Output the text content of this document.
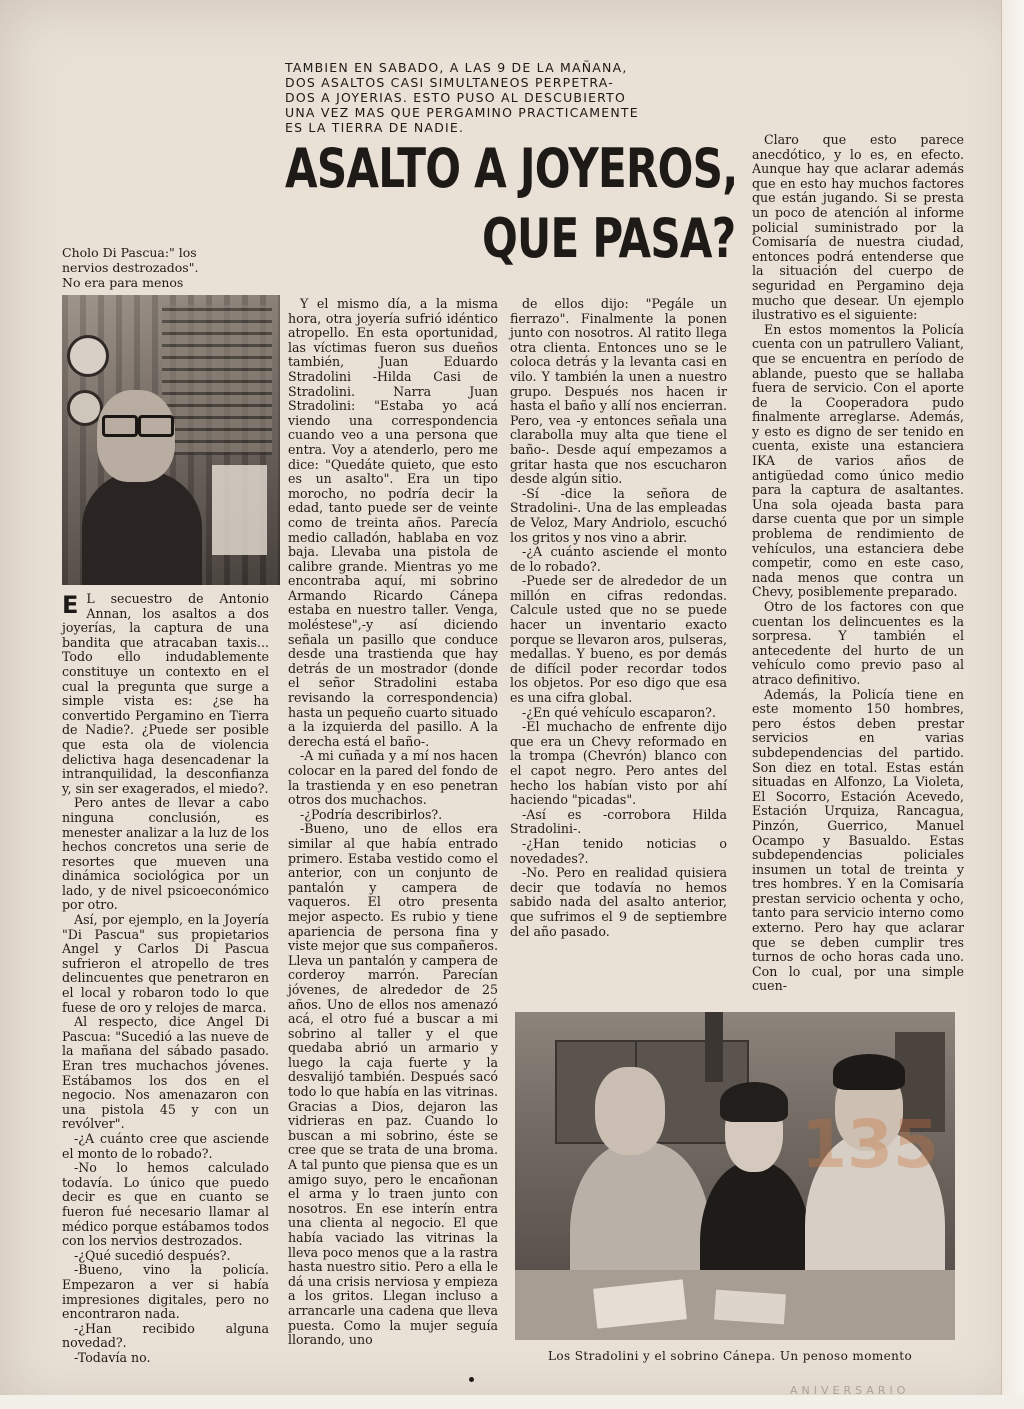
TAMBIEN EN SABADO, A LAS 9 DE LA MAÑANA,
DOS ASALTOS CASI SIMULTANEOS PERPETRA-
DOS A JOYERIAS. ESTO PUSO AL DESCUBIERTO
UNA VEZ MAS QUE PERGAMINO PRACTICAMENTE
ES LA TIERRA DE NADIE.
ASALTO A JOYEROS,
QUE PASA?
Cholo Di Pascua:" los
nervios destrozados".
No era para menos
135
ANIVERSARIO
Los Stradolini y el sobrino Cánepa. Un penoso momento

E L secuestro de Antonio Annan, los asaltos a dos joyerías, la captura de una bandita que atracaban taxis... Todo ello indudablemente constituye un contexto en el cual la pregunta que surge a simple vista es: ¿se ha convertido Pergamino en Tierra de Nadie?. ¿Puede ser posible que esta ola de violencia delictiva haga desencadenar la intranquilidad, la desconfianza y, sin ser exagerados, el miedo?.

Pero antes de llevar a cabo ninguna conclusión, es menester analizar a la luz de los hechos concretos una serie de resortes que mueven una dinámica sociológica por un lado, y de nivel psicoeconómico por otro.

Así, por ejemplo, en la Joyería "Di Pascua" sus propietarios Angel y Carlos Di Pascua sufrieron el atropello de tres delincuentes que penetraron en el local y robaron todo lo que fuese de oro y relojes de marca.

Al respecto, dice Angel Di Pascua: "Sucedió a las nueve de la mañana del sábado pasado. Eran tres muchachos jóvenes. Estábamos los dos en el negocio. Nos amenazaron con una pistola 45 y con un revólver".

-¿A cuánto cree que asciende el monto de lo robado?.

-No lo hemos calculado todavía. Lo único que puedo decir es que en cuanto se fueron fué necesario llamar al médico porque estábamos todos con los nervios destrozados.

-¿Qué sucedió después?.

-Bueno, vino la policía. Empezaron a ver si había impresiones digitales, pero no encontraron nada.

-¿Han recibido alguna novedad?.

-Todavía no.

Y el mismo día, a la misma hora, otra joyería sufrió idéntico atropello. En esta oportunidad, las víctimas fueron sus dueños también, Juan Eduardo Stradolini -Hilda Casi de Stradolini. Narra Juan Stradolini: "Estaba yo acá viendo una correspondencia cuando veo a una persona que entra. Voy a atenderlo, pero me dice: "Quedáte quieto, que esto es un asalto". Era un tipo morocho, no podría decir la edad, tanto puede ser de veinte como de treinta años. Parecía medio calladón, hablaba en voz baja. Llevaba una pistola de calibre grande. Mientras yo me encontraba aquí, mi sobrino Armando Ricardo Cánepa estaba en nuestro taller. Venga, moléstese",-y así diciendo señala un pasillo que conduce desde una trastienda que hay detrás de un mostrador (donde el señor Stradolini estaba revisando la correspondencia) hasta un pequeño cuarto situado a la izquierda del pasillo. A la derecha está el baño-.

-A mi cuñada y a mí nos hacen colocar en la pared del fondo de la trastienda y en eso penetran otros dos muchachos.

-¿Podría describirlos?.

-Bueno, uno de ellos era similar al que había entrado primero. Estaba vestido como el anterior, con un conjunto de pantalón y campera de vaqueros. El otro presenta mejor aspecto. Es rubio y tiene apariencia de persona fina y viste mejor que sus compañeros. Lleva un pantalón y campera de corderoy marrón. Parecían jóvenes, de alrededor de 25 años. Uno de ellos nos amenazó acá, el otro fué a buscar a mi sobrino al taller y el que quedaba abrió un armario y luego la caja fuerte y la desvalijó también. Después sacó todo lo que había en las vitrinas. Gracias a Dios, dejaron las vidrieras en paz. Cuando lo buscan a mi sobrino, éste se cree que se trata de una broma. A tal punto que piensa que es un amigo suyo, pero le encañonan el arma y lo traen junto con nosotros. En ese interín entra una clienta al negocio. El que había vaciado las vitrinas la lleva poco menos que a la rastra hasta nuestro sitio. Pero a ella le dá una crisis nerviosa y empieza a los gritos. Llegan incluso a arrancarle una cadena que lleva puesta. Como la mujer seguía llorando, uno

de ellos dijo: "Pegále un fierrazo". Finalmente la ponen junto con nosotros. Al ratito llega otra clienta. Entonces uno se le coloca detrás y la levanta casi en vilo. Y también la unen a nuestro grupo. Después nos hacen ir hasta el baño y allí nos encierran. Pero, vea -y entonces señala una clarabolla muy alta que tiene el baño-. Desde aquí empezamos a gritar hasta que nos escucharon desde algún sitio.

-Sí -dice la señora de Stradolini-. Una de las empleadas de Veloz, Mary Andriolo, escuchó los gritos y nos vino a abrir.

-¿A cuánto asciende el monto de lo robado?.

-Puede ser de alrededor de un millón en cifras redondas. Calcule usted que no se puede hacer un inventario exacto porque se llevaron aros, pulseras, medallas. Y bueno, es por demás de difícil poder recordar todos los objetos. Por eso digo que esa es una cifra global.

-¿En qué vehículo escaparon?.

-El muchacho de enfrente dijo que era un Chevy reformado en la trompa (Chevrón) blanco con el capot negro. Pero antes del hecho los habían visto por ahí haciendo "picadas".

-Así es -corrobora Hilda Stradolini-.

-¿Han tenido noticias o novedades?.

-No. Pero en realidad quisiera decir que todavía no hemos sabido nada del asalto anterior, que sufrimos el 9 de septiembre del año pasado.

Claro que esto parece anecdótico, y lo es, en efecto. Aunque hay que aclarar además que en esto hay muchos factores que están jugando. Si se presta un poco de atención al informe policial suministrado por la Comisaría de nuestra ciudad, entonces podrá entenderse que la situación del cuerpo de seguridad en Pergamino deja mucho que desear. Un ejemplo ilustrativo es el siguiente:

En estos momentos la Policía cuenta con un patrullero Valiant, que se encuentra en período de ablande, puesto que se hallaba fuera de servicio. Con el aporte de la Cooperadora pudo finalmente arreglarse. Además, y esto es digno de ser tenido en cuenta, existe una estanciera IKA de varios años de antigüedad como único medio para la captura de asaltantes. Una sola ojeada basta para darse cuenta que por un simple problema de rendimiento de vehículos, una estanciera debe competir, como en este caso, nada menos que contra un Chevy, posiblemente preparado.

Otro de los factores con que cuentan los delincuentes es la sorpresa. Y también el antecedente del hurto de un vehículo como previo paso al atraco definitivo.

Además, la Policía tiene en este momento 150 hombres, pero éstos deben prestar servicios en varias subdependencias del partido. Son diez en total. Estas están situadas en Alfonzo, La Violeta, El Socorro, Estación Acevedo, Estación Urquiza, Rancagua, Pinzón, Guerrico, Manuel Ocampo y Basualdo. Estas subdependencias policiales insumen un total de treinta y tres hombres. Y en la Comisaría prestan servicio ochenta y ocho, tanto para servicio interno como externo. Pero hay que aclarar que se deben cumplir tres turnos de ocho horas cada uno. Con lo cual, por una simple cuen-
